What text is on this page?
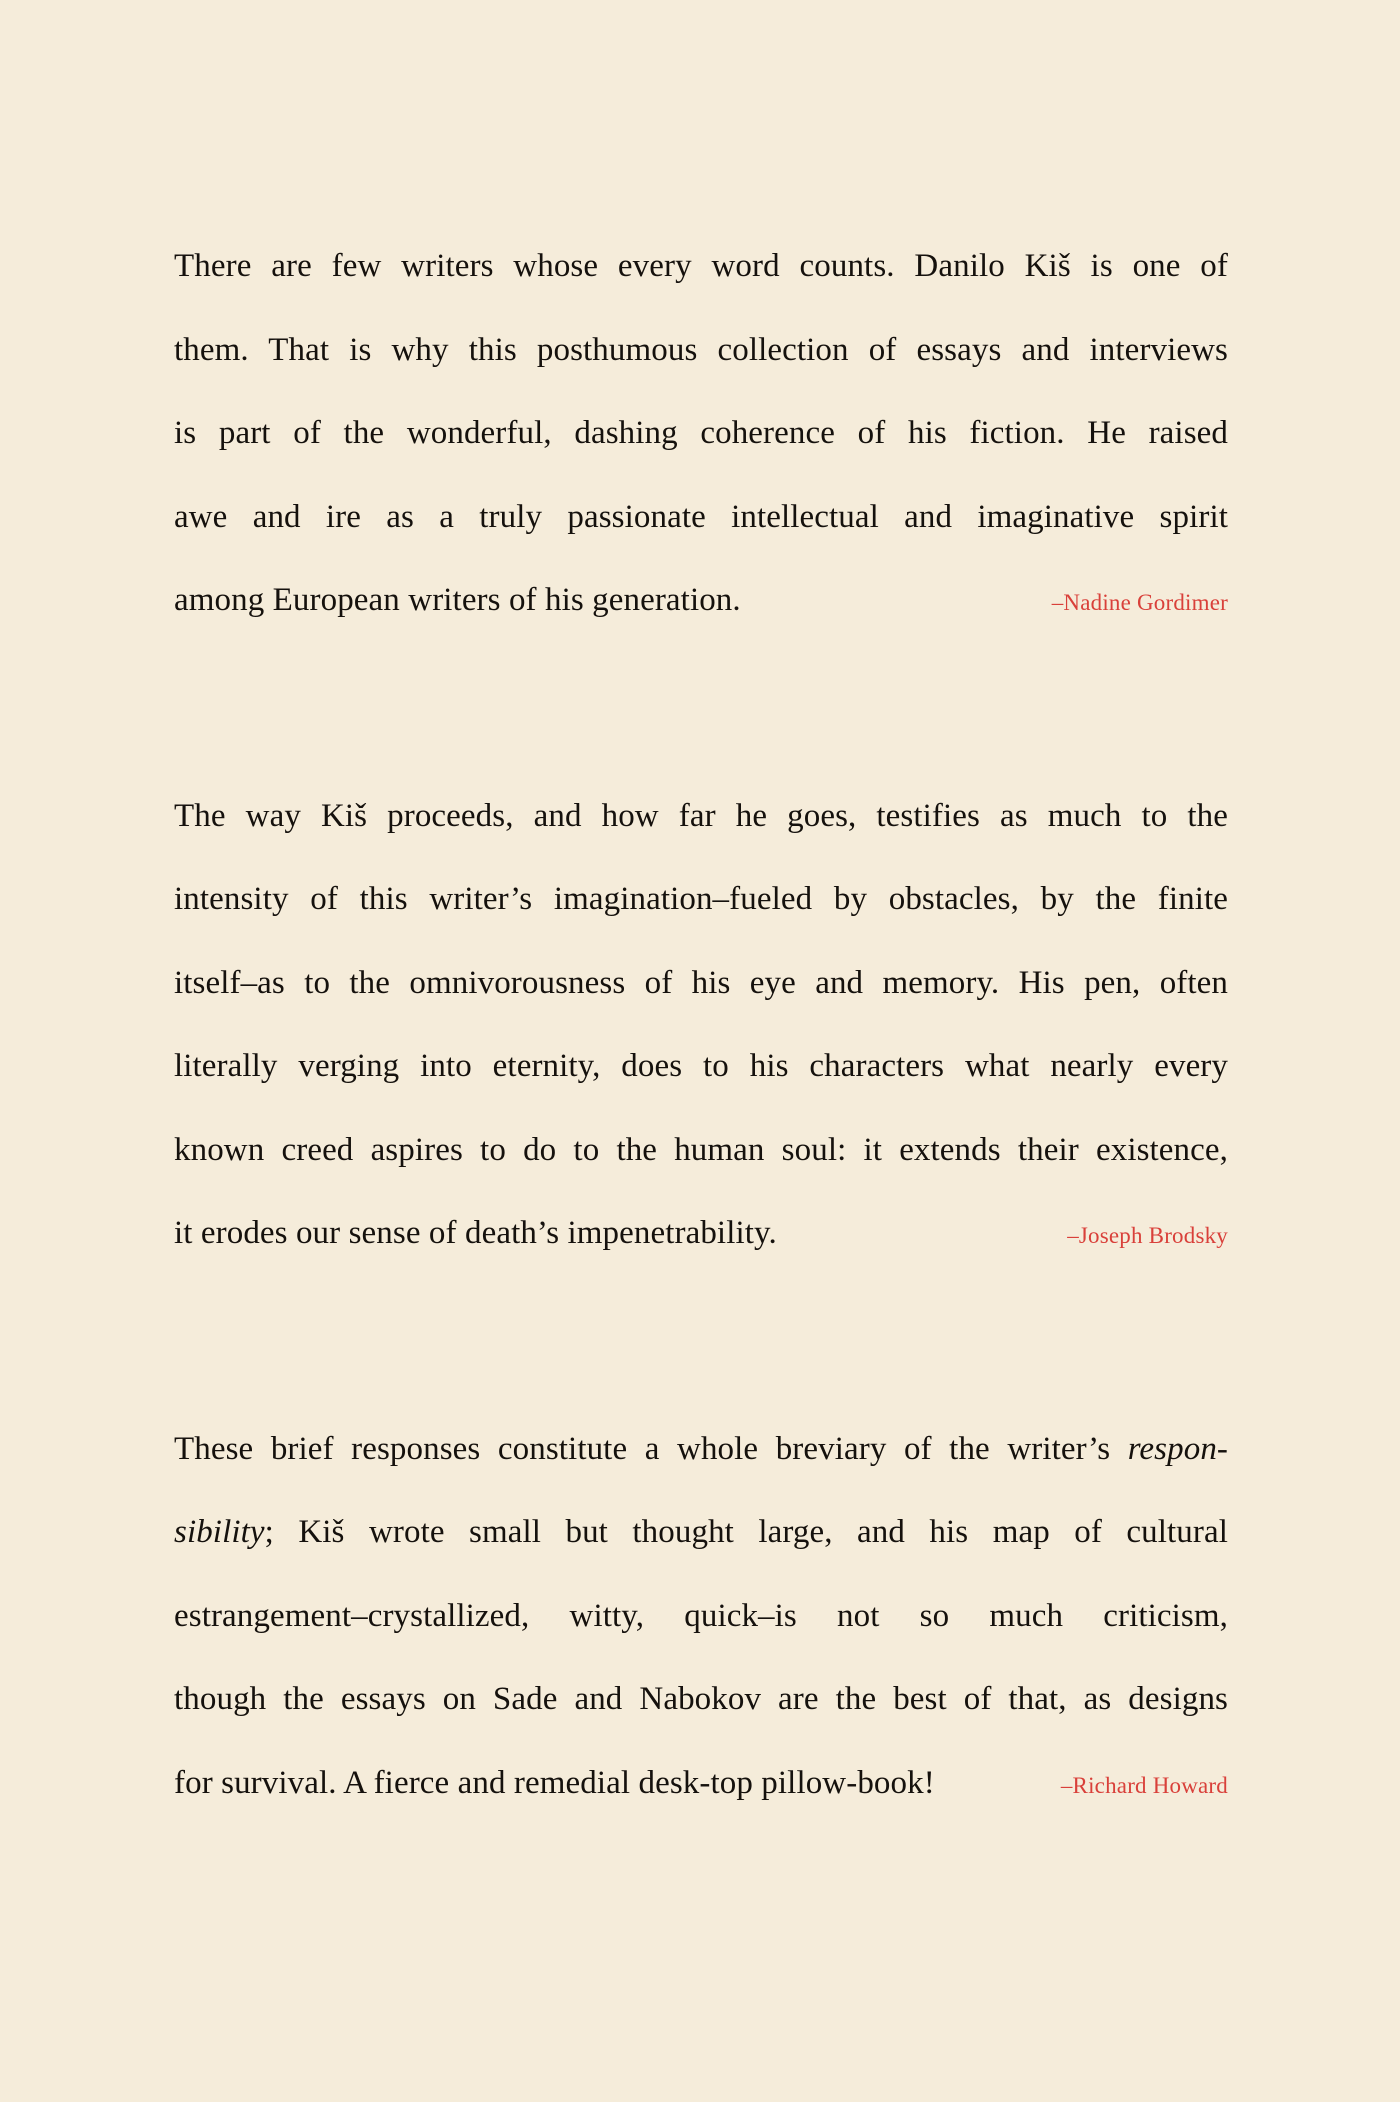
There are few writers whose every word counts. Danilo Kiš is one of
them. That is why this posthumous collection of essays and interviews
is part of the wonderful, dashing coherence of his fiction. He raised
awe and ire as a truly passionate intellectual and imaginative spirit
among European writers of his generation.	–Nadine Gordimer
The way Kiš proceeds, and how far he goes, testifies as much to the
intensity of this writer’s imagination–fueled by obstacles, by the finite
itself–as to the omnivorousness of his eye and memory. His pen, often
literally verging into eternity, does to his characters what nearly every
known creed aspires to do to the human soul: it extends their existence,
it erodes our sense of death’s impenetrability.	–Joseph Brodsky
These brief responses constitute a whole breviary of the writer’s respon-
sibility; Kiš wrote small but thought large, and his map of cultural
estrangement–crystallized, witty, quick–is not so much criticism,
though the essays on Sade and Nabokov are the best of that, as designs
for survival. A fierce and remedial desk-top pillow-book!	–Richard Howard
